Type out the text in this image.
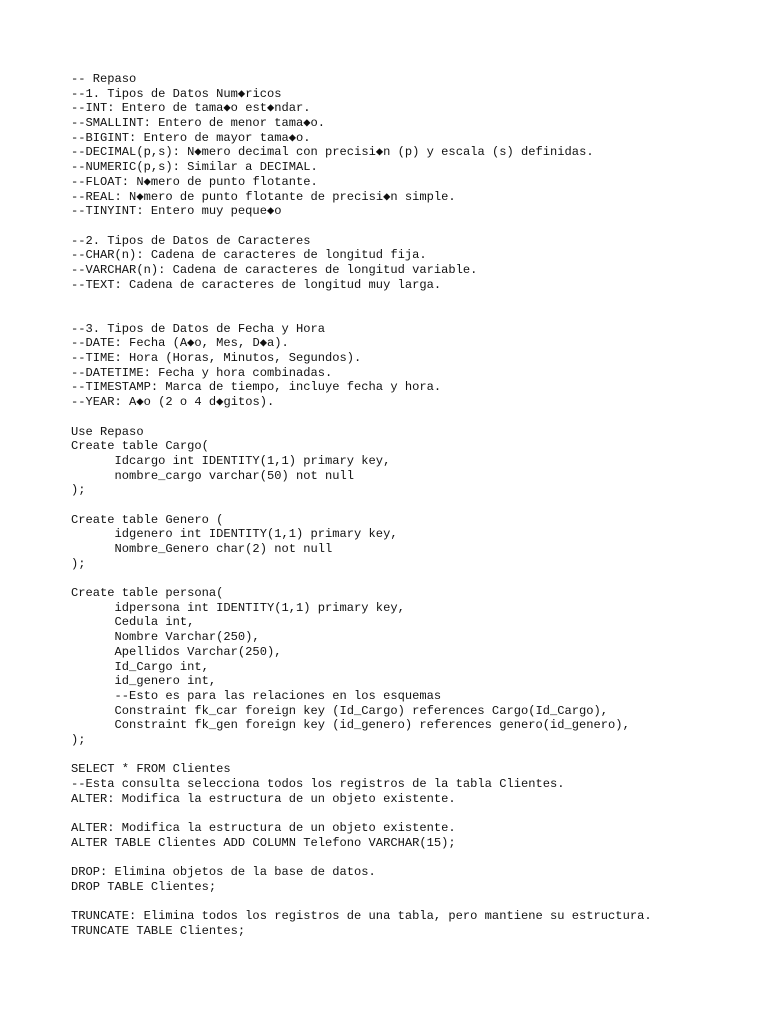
-- Repaso
--1. Tipos de Datos Num◆ricos
--INT: Entero de tama◆o est◆ndar.
--SMALLINT: Entero de menor tama◆o.
--BIGINT: Entero de mayor tama◆o.
--DECIMAL(p,s): N◆mero decimal con precisi◆n (p) y escala (s) definidas.
--NUMERIC(p,s): Similar a DECIMAL.
--FLOAT: N◆mero de punto flotante.
--REAL: N◆mero de punto flotante de precisi◆n simple.
--TINYINT: Entero muy peque◆o
--2. Tipos de Datos de Caracteres
--CHAR(n): Cadena de caracteres de longitud fija.
--VARCHAR(n): Cadena de caracteres de longitud variable.
--TEXT: Cadena de caracteres de longitud muy larga.
--3. Tipos de Datos de Fecha y Hora
--DATE: Fecha (A◆o, Mes, D◆a).
--TIME: Hora (Horas, Minutos, Segundos).
--DATETIME: Fecha y hora combinadas.
--TIMESTAMP: Marca de tiempo, incluye fecha y hora.
--YEAR: A◆o (2 o 4 d◆gitos).
Use Repaso
Create table Cargo(
Idcargo int IDENTITY(1,1) primary key,
nombre_cargo varchar(50) not null
);
Create table Genero (
idgenero int IDENTITY(1,1) primary key,
Nombre_Genero char(2) not null
);
Create table persona(
idpersona int IDENTITY(1,1) primary key,
Cedula int,
Nombre Varchar(250),
Apellidos Varchar(250),
Id_Cargo int,
id_genero int,
--Esto es para las relaciones en los esquemas
Constraint fk_car foreign key (Id_Cargo) references Cargo(Id_Cargo),
Constraint fk_gen foreign key (id_genero) references genero(id_genero),
);
SELECT * FROM Clientes
--Esta consulta selecciona todos los registros de la tabla Clientes.
ALTER: Modifica la estructura de un objeto existente.
ALTER: Modifica la estructura de un objeto existente.
ALTER TABLE Clientes ADD COLUMN Telefono VARCHAR(15);
DROP: Elimina objetos de la base de datos.
DROP TABLE Clientes;
TRUNCATE: Elimina todos los registros de una tabla, pero mantiene su estructura.
TRUNCATE TABLE Clientes;
